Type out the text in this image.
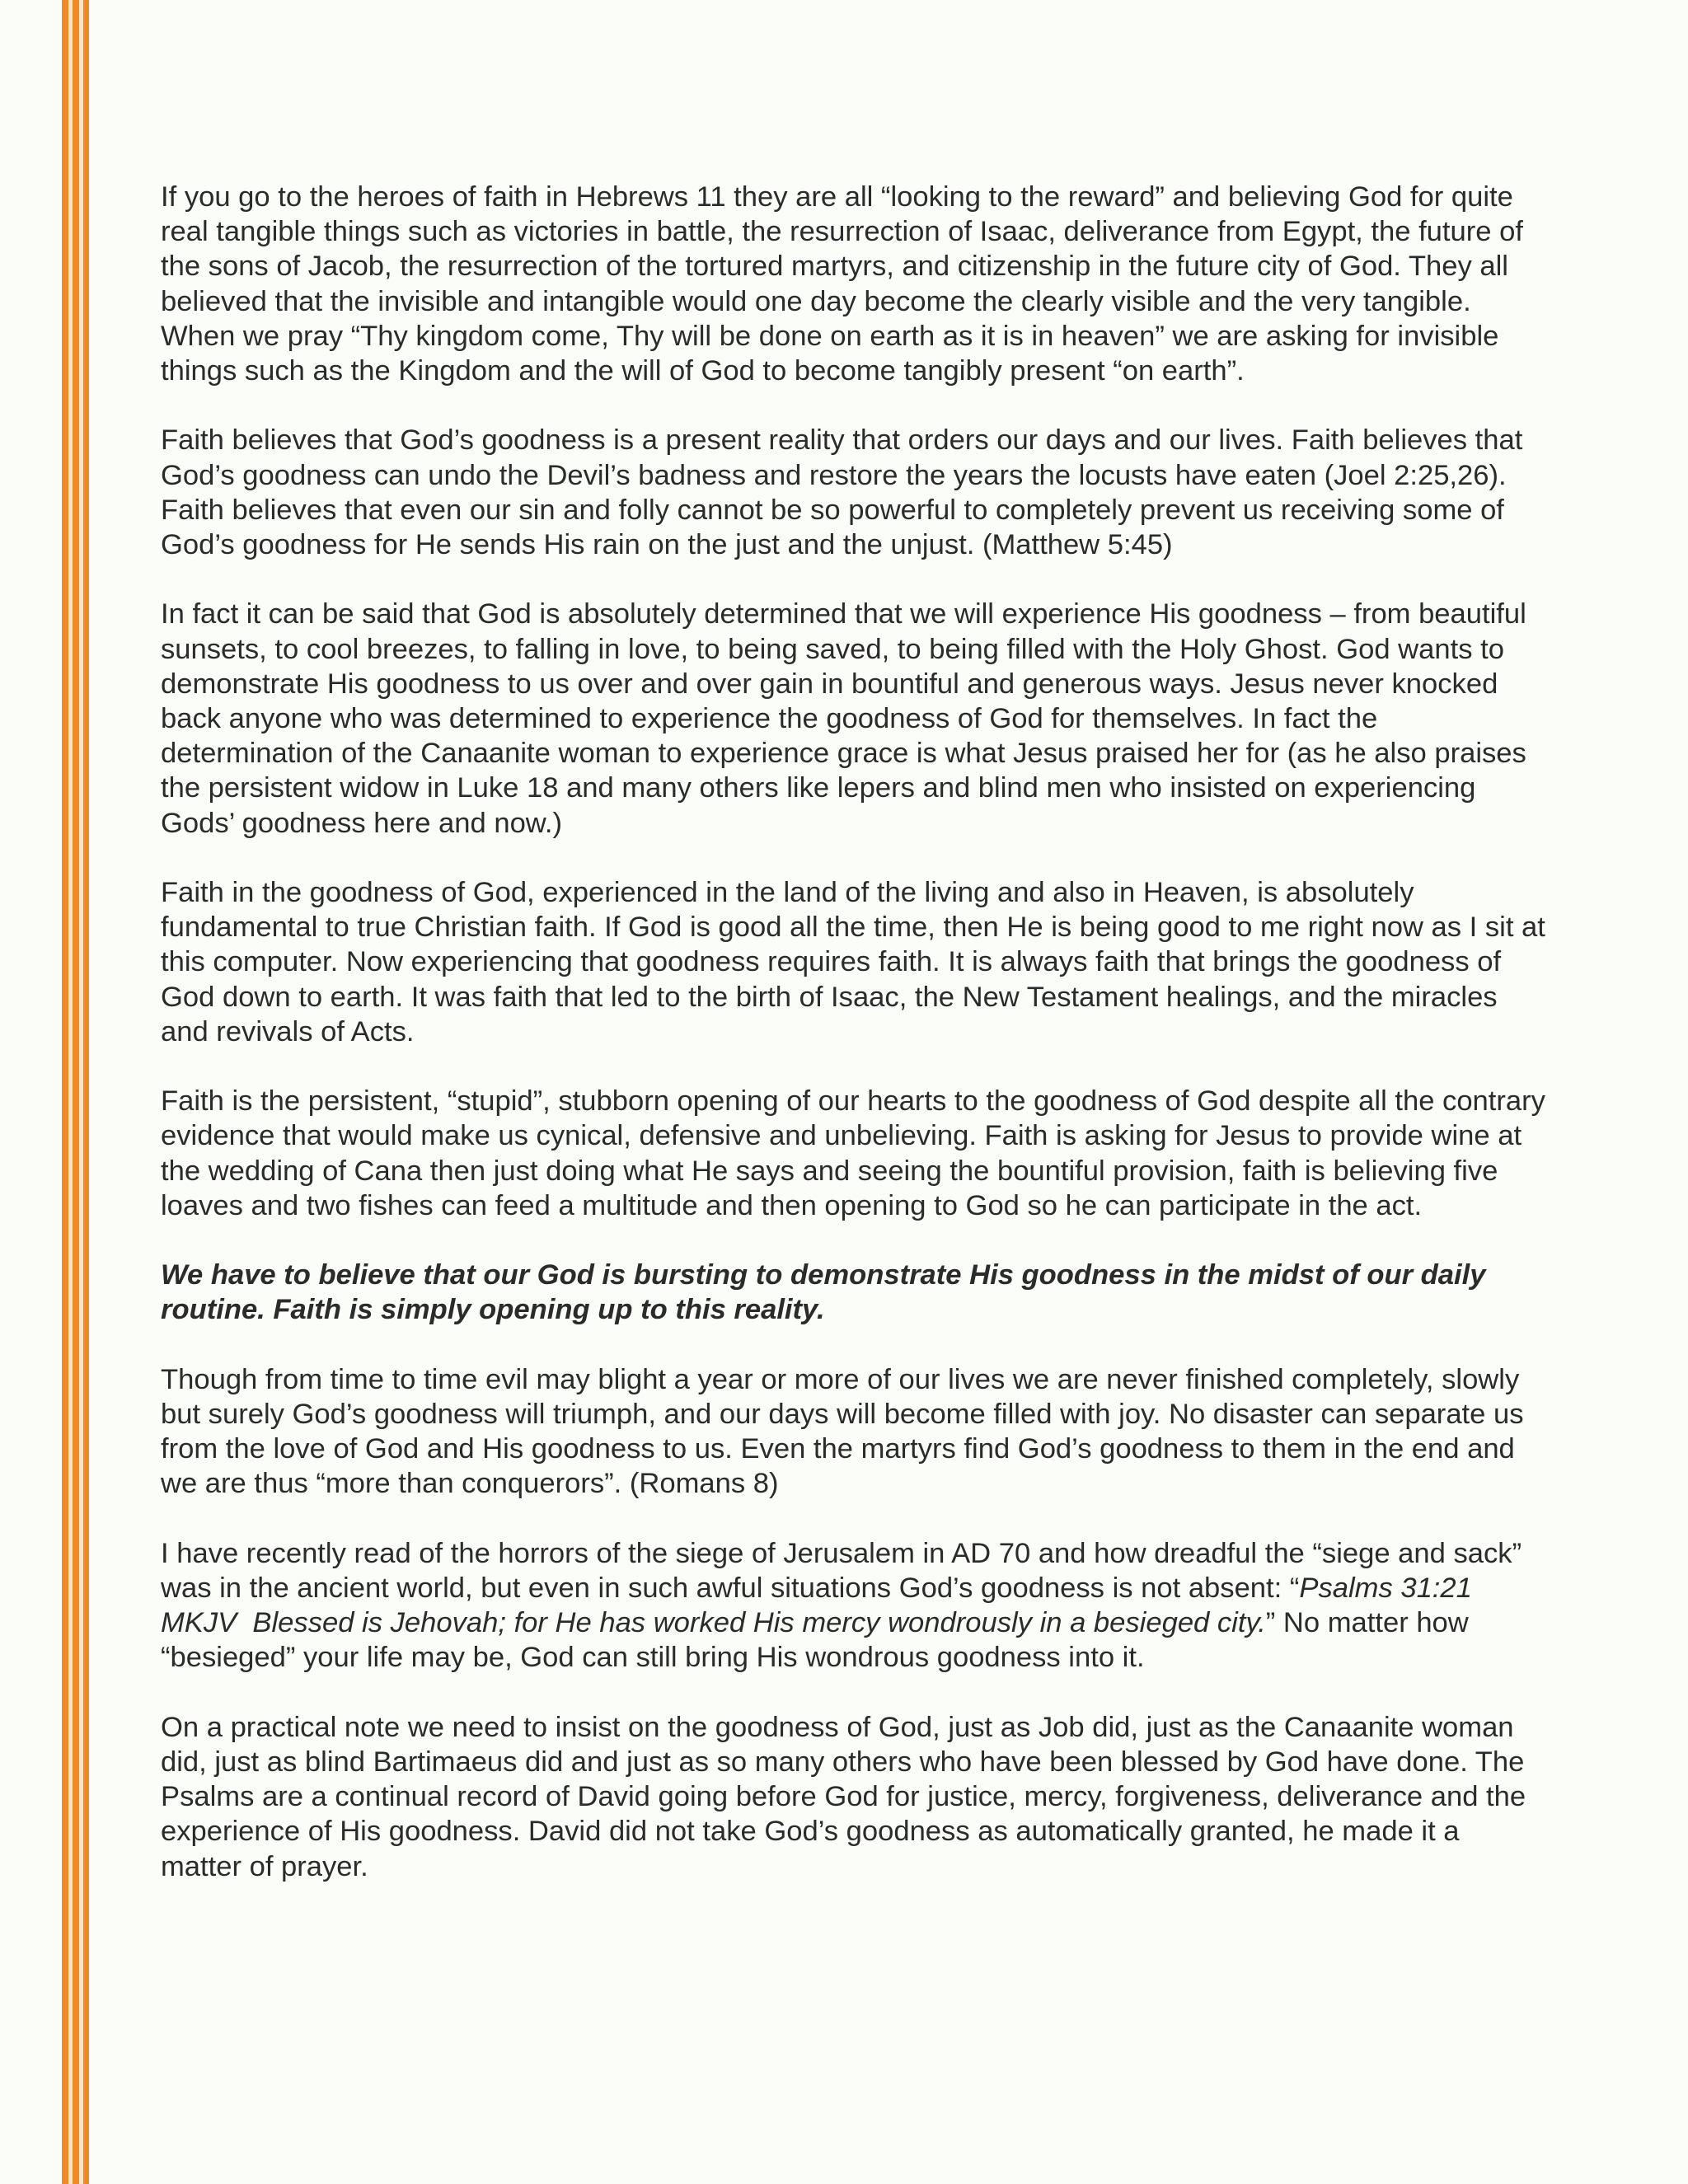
If you go to the heroes of faith in Hebrews 11 they are all “looking to the reward” and believing God for quite real tangible things such as victories in battle, the resurrection of Isaac, deliverance from Egypt, the future of the sons of Jacob, the resurrection of the tortured martyrs, and citizenship in the future city of God. They all believed that the invisible and intangible would one day become the clearly visible and the very tangible. When we pray “Thy kingdom come, Thy will be done on earth as it is in heaven” we are asking for invisible things such as the Kingdom and the will of God to become tangibly present “on earth”.

Faith believes that God’s goodness is a present reality that orders our days and our lives. Faith believes that God’s goodness can undo the Devil’s badness and restore the years the locusts have eaten (Joel 2:25,26). Faith believes that even our sin and folly cannot be so powerful to completely prevent us receiving some of God’s goodness for He sends His rain on the just and the unjust. (Matthew 5:45)

In fact it can be said that God is absolutely determined that we will experience His goodness – from beautiful sunsets, to cool breezes, to falling in love, to being saved, to being filled with the Holy Ghost. God wants to demonstrate His goodness to us over and over gain in bountiful and generous ways. Jesus never knocked back anyone who was determined to experience the goodness of God for themselves. In fact the determination of the Canaanite woman to experience grace is what Jesus praised her for (as he also praises the persistent widow in Luke 18 and many others like lepers and blind men who insisted on experiencing Gods’ goodness here and now.)

Faith in the goodness of God, experienced in the land of the living and also in Heaven, is absolutely fundamental to true Christian faith. If God is good all the time, then He is being good to me right now as I sit at this computer. Now experiencing that goodness requires faith. It is always faith that brings the goodness of God down to earth. It was faith that led to the birth of Isaac, the New Testament healings, and the miracles and revivals of Acts.

Faith is the persistent, “stupid”, stubborn opening of our hearts to the goodness of God despite all the contrary evidence that would make us cynical, defensive and unbelieving. Faith is asking for Jesus to provide wine at the wedding of Cana then just doing what He says and seeing the bountiful provision, faith is believing five loaves and two fishes can feed a multitude and then opening to God so he can participate in the act.

We have to believe that our God is bursting to demonstrate His goodness in the midst of our daily routine. Faith is simply opening up to this reality.

Though from time to time evil may blight a year or more of our lives we are never finished completely, slowly but surely God’s goodness will triumph, and our days will become filled with joy. No disaster can separate us from the love of God and His goodness to us. Even the martyrs find God’s goodness to them in the end and we are thus “more than conquerors”. (Romans 8)

I have recently read of the horrors of the siege of Jerusalem in AD 70 and how dreadful the “siege and sack” was in the ancient world, but even in such awful situations God’s goodness is not absent: “Psalms 31:21 MKJV  Blessed is Jehovah; for He has worked His mercy wondrously in a besieged city.” No matter how “besieged” your life may be, God can still bring His wondrous goodness into it.

On a practical note we need to insist on the goodness of God, just as Job did, just as the Canaanite woman did, just as blind Bartimaeus did and just as so many others who have been blessed by God have done. The Psalms are a continual record of David going before God for justice, mercy, forgiveness, deliverance and the experience of His goodness. David did not take God’s goodness as automatically granted, he made it a matter of prayer.
